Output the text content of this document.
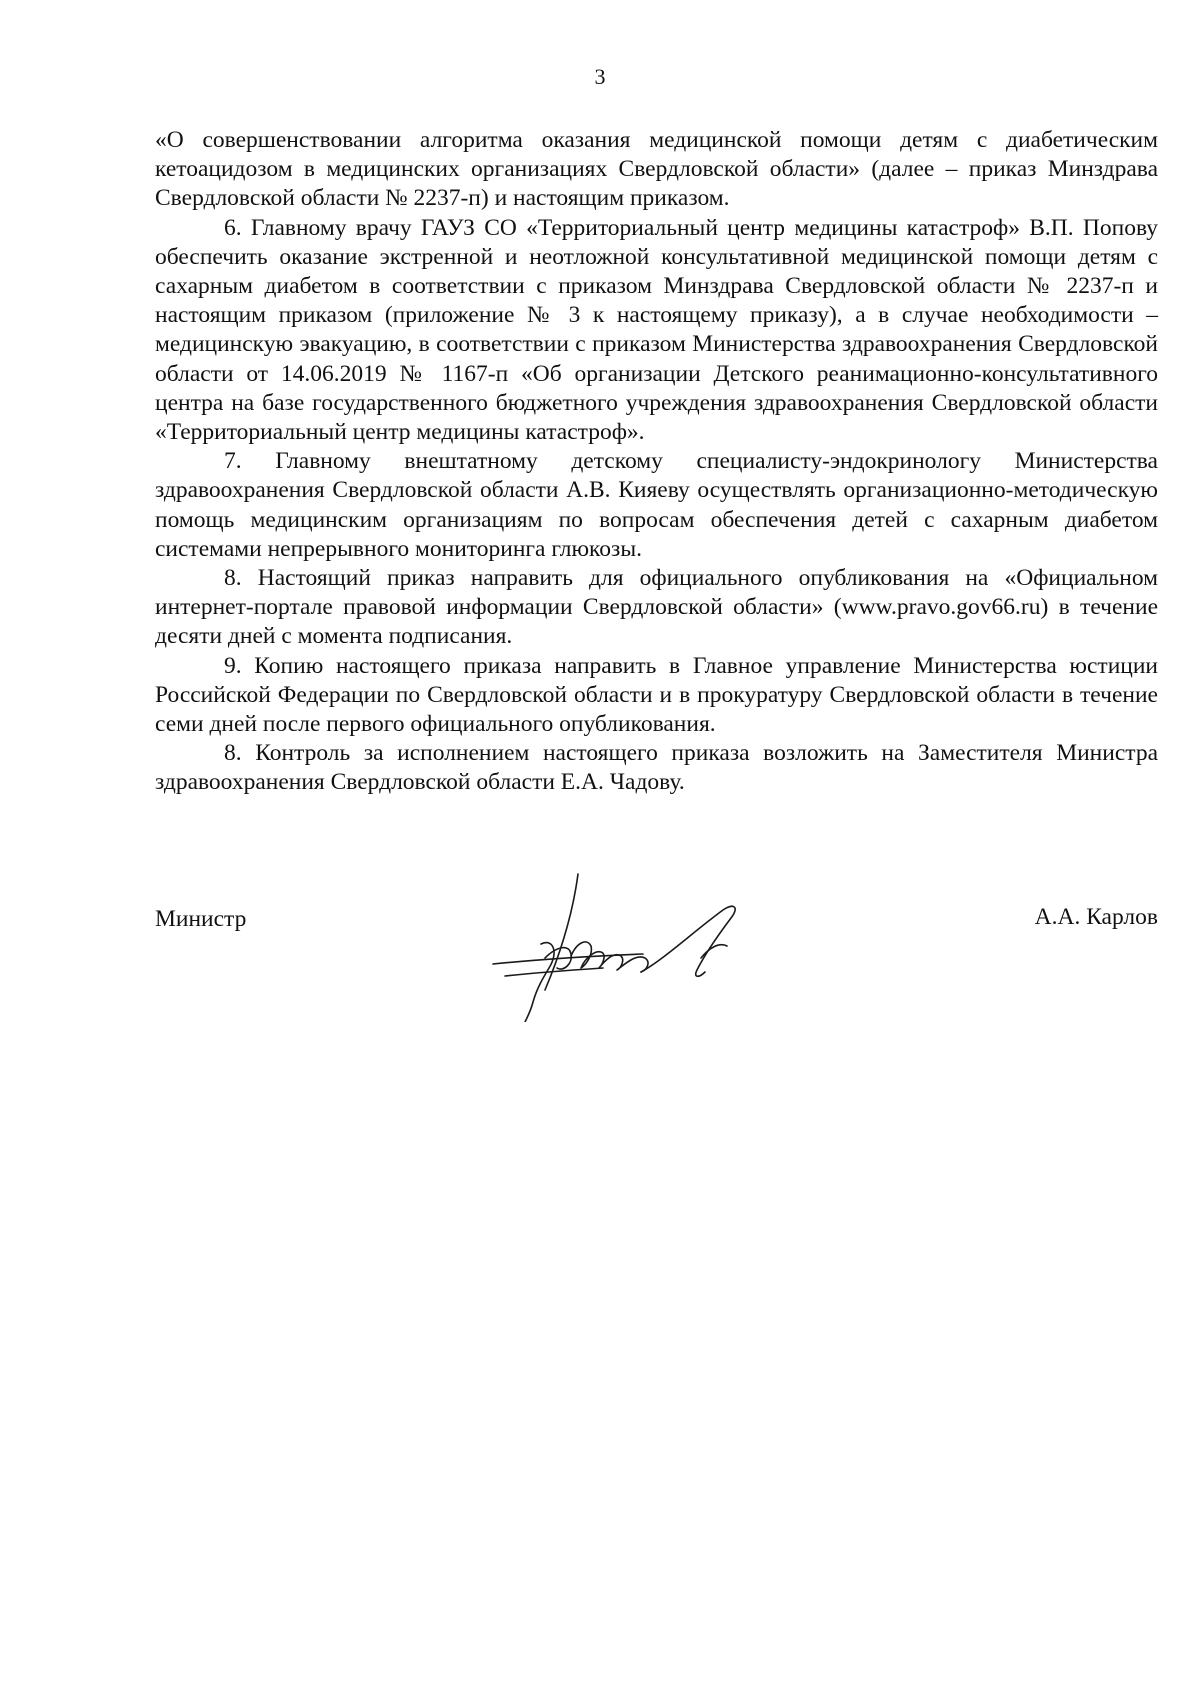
3

«О совершенствовании алгоритма оказания медицинской помощи детям с диабетическим кетоацидозом в медицинских организациях Свердловской области» (далее – приказ Минздрава Свердловской области № 2237-п) и настоящим приказом.

6. Главному врачу ГАУЗ СО «Территориальный центр медицины катастроф» В.П. Попову обеспечить оказание экстренной и неотложной консультативной медицинской помощи детям с сахарным диабетом в соответствии с приказом Минздрава Свердловской области № 2237-п и настоящим приказом (приложение № 3 к настоящему приказу), а в случае необходимости – медицинскую эвакуацию, в соответствии с приказом Министерства здравоохранения Свердловской области от 14.06.2019 № 1167-п «Об организации Детского реанимационно-консультативного центра на базе государственного бюджетного учреждения здравоохранения Свердловской области «Территориальный центр медицины катастроф».

7. Главному внештатному детскому специалисту-эндокринологу Министерства здравоохранения Свердловской области А.В. Кияеву осуществлять организационно-методическую помощь медицинским организациям по вопросам обеспечения детей с сахарным диабетом системами непрерывного мониторинга глюкозы.

8. Настоящий приказ направить для официального опубликования на «Официальном интернет-портале правовой информации Свердловской области» (www.pravo.gov66.ru) в течение десяти дней с момента подписания.

9. Копию настоящего приказа направить в Главное управление Министерства юстиции Российской Федерации по Свердловской области и в прокуратуру Свердловской области в течение семи дней после первого официального опубликования.

8. Контроль за исполнением настоящего приказа возложить на Заместителя Министра здравоохранения Свердловской области Е.А. Чадову.

Министр	А.А. Карлов
